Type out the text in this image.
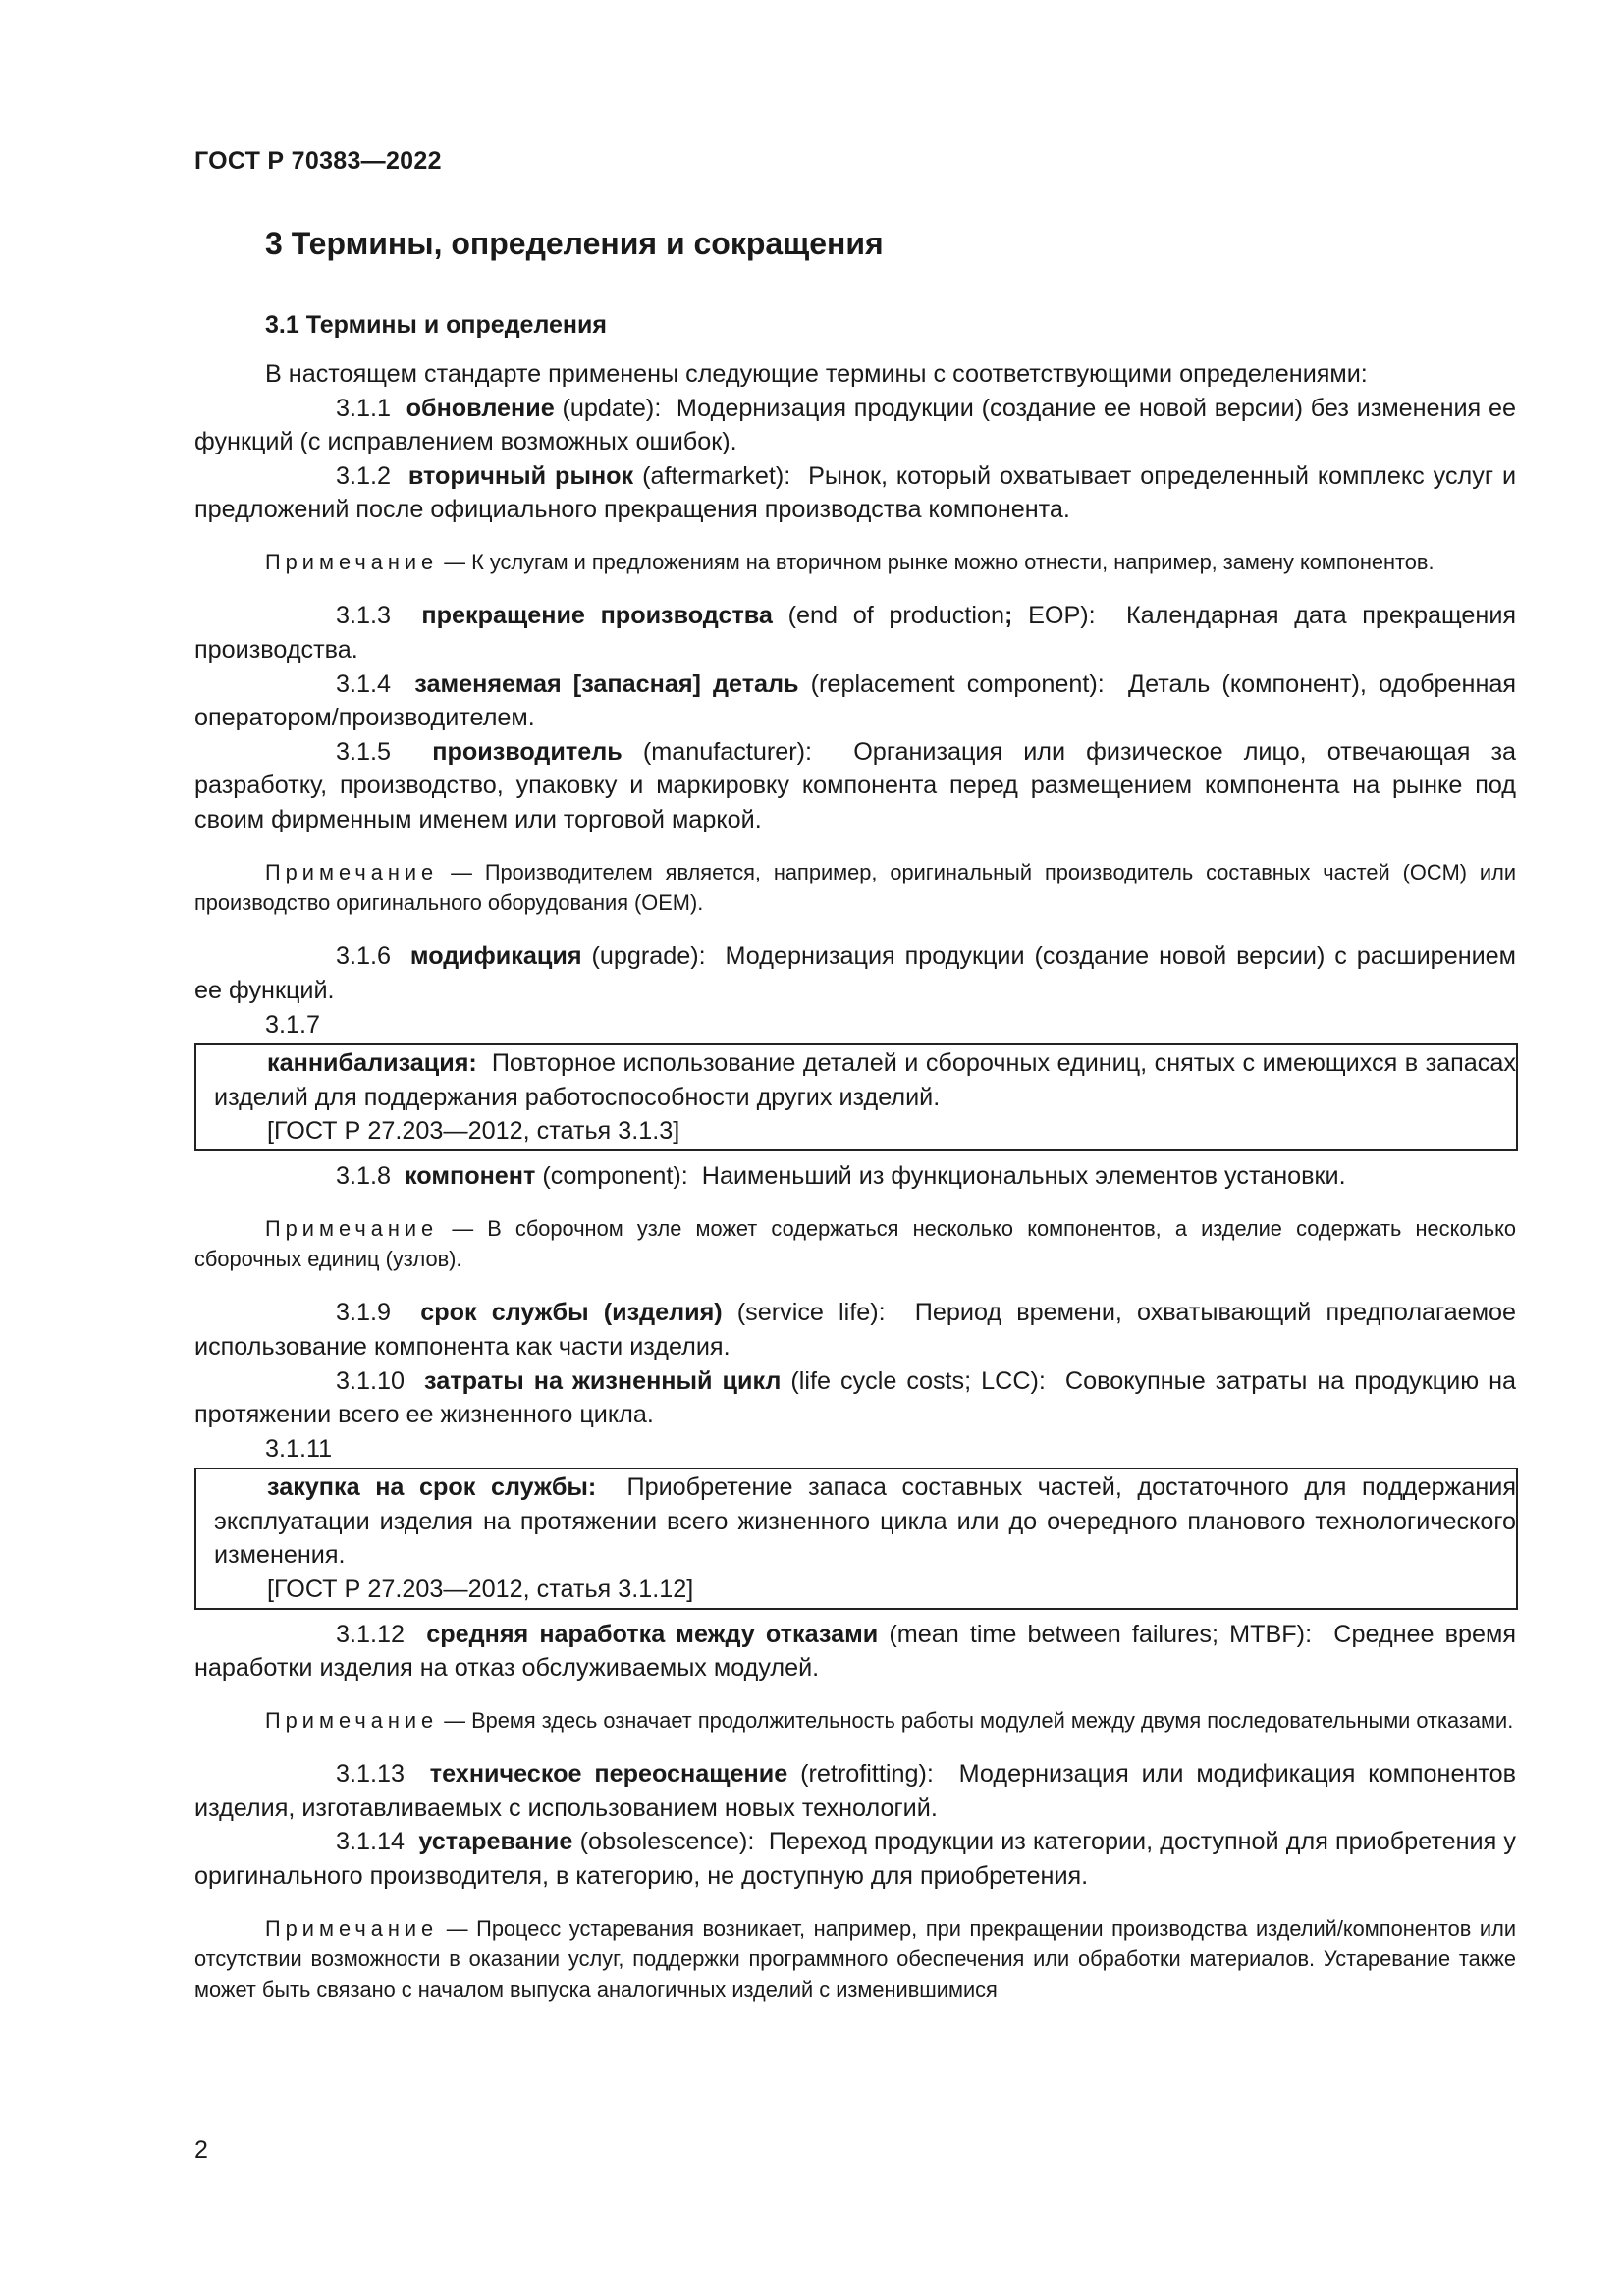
ГОСТ Р 70383—2022
3 Термины, определения и сокращения
3.1 Термины и определения

В настоящем стандарте применены следующие термины с соответствующими определениями:

3.1.1 обновление (update): Модернизация продукции (создание ее новой версии) без изменения ее функций (с исправлением возможных ошибок).

3.1.2 вторичный рынок (aftermarket): Рынок, который охватывает определенный комплекс услуг и предложений после официального прекращения производства компонента.

Примечание — К услугам и предложениям на вторичном рынке можно отнести, например, замену компонентов.

3.1.3 прекращение производства (end of production; EOP): Календарная дата прекращения производства.

3.1.4 заменяемая [запасная] деталь (replacement component): Деталь (компонент), одобренная оператором/производителем.

3.1.5 производитель (manufacturer): Организация или физическое лицо, отвечающая за разработку, производство, упаковку и маркировку компонента перед размещением компонента на рынке под своим фирменным именем или торговой маркой.

Примечание — Производителем является, например, оригинальный производитель составных частей (OCM) или производство оригинального оборудования (OEM).

3.1.6 модификация (upgrade): Модернизация продукции (создание новой версии) с расширением ее функций.

3.1.7

каннибализация: Повторное использование деталей и сборочных единиц, снятых с имеющихся в запасах изделий для поддержания работоспособности других изделий.

[ГОСТ Р 27.203—2012, статья 3.1.3]

3.1.8 компонент (component): Наименьший из функциональных элементов установки.

Примечание — В сборочном узле может содержаться несколько компонентов, а изделие содержать несколько сборочных единиц (узлов).

3.1.9 срок службы (изделия) (service life): Период времени, охватывающий предполагаемое использование компонента как части изделия.

3.1.10 затраты на жизненный цикл (life cycle costs; LCC): Совокупные затраты на продукцию на протяжении всего ее жизненного цикла.

3.1.11

закупка на срок службы: Приобретение запаса составных частей, достаточного для поддержания эксплуатации изделия на протяжении всего жизненного цикла или до очередного планового технологического изменения.

[ГОСТ Р 27.203—2012, статья 3.1.12]

3.1.12 средняя наработка между отказами (mean time between failures; MTBF): Среднее время наработки изделия на отказ обслуживаемых модулей.

Примечание — Время здесь означает продолжительность работы модулей между двумя последовательными отказами.

3.1.13 техническое переоснащение (retrofitting): Модернизация или модификация компонентов изделия, изготавливаемых с использованием новых технологий.

3.1.14 устаревание (obsolescence): Переход продукции из категории, доступной для приобретения у оригинального производителя, в категорию, не доступную для приобретения.

Примечание — Процесс устаревания возникает, например, при прекращении производства изделий/компонентов или отсутствии возможности в оказании услуг, поддержки программного обеспечения или обработки материалов. Устаревание также может быть связано с началом выпуска аналогичных изделий с изменившимися

2
